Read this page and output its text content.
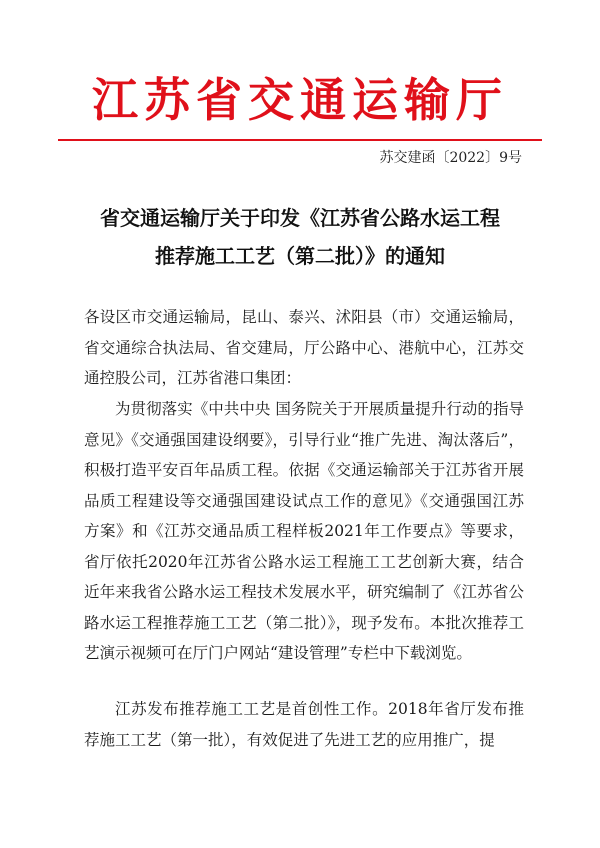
江苏省交通运输厅
苏交建函〔2022〕9号
省交通运输厅关于印发《江苏省公路水运工程
推荐施工工艺（第二批）》的通知
各设区市交通运输局，昆山、泰兴、沭阳县（市）交通运输局，省交通综合执法局、省交建局，厅公路中心、港航中心，江苏交通控股公司，江苏省港口集团：
为贯彻落实《中共中央 国务院关于开展质量提升行动的指导意见》《交通强国建设纲要》，引导行业“推广先进、淘汰落后”，积极打造平安百年品质工程。依据《交通运输部关于江苏省开展品质工程建设等交通强国建设试点工作的意见》《交通强国江苏方案》和《江苏交通品质工程样板2021年工作要点》等要求，省厅依托2020年江苏省公路水运工程施工工艺创新大赛，结合近年来我省公路水运工程技术发展水平，研究编制了《江苏省公路水运工程推荐施工工艺（第二批）》，现予发布。本批次推荐工艺演示视频可在厅门户网站“建设管理”专栏中下载浏览。
江苏发布推荐施工工艺是首创性工作。2018年省厅发布推荐施工工艺（第一批），有效促进了先进工艺的应用推广，提
